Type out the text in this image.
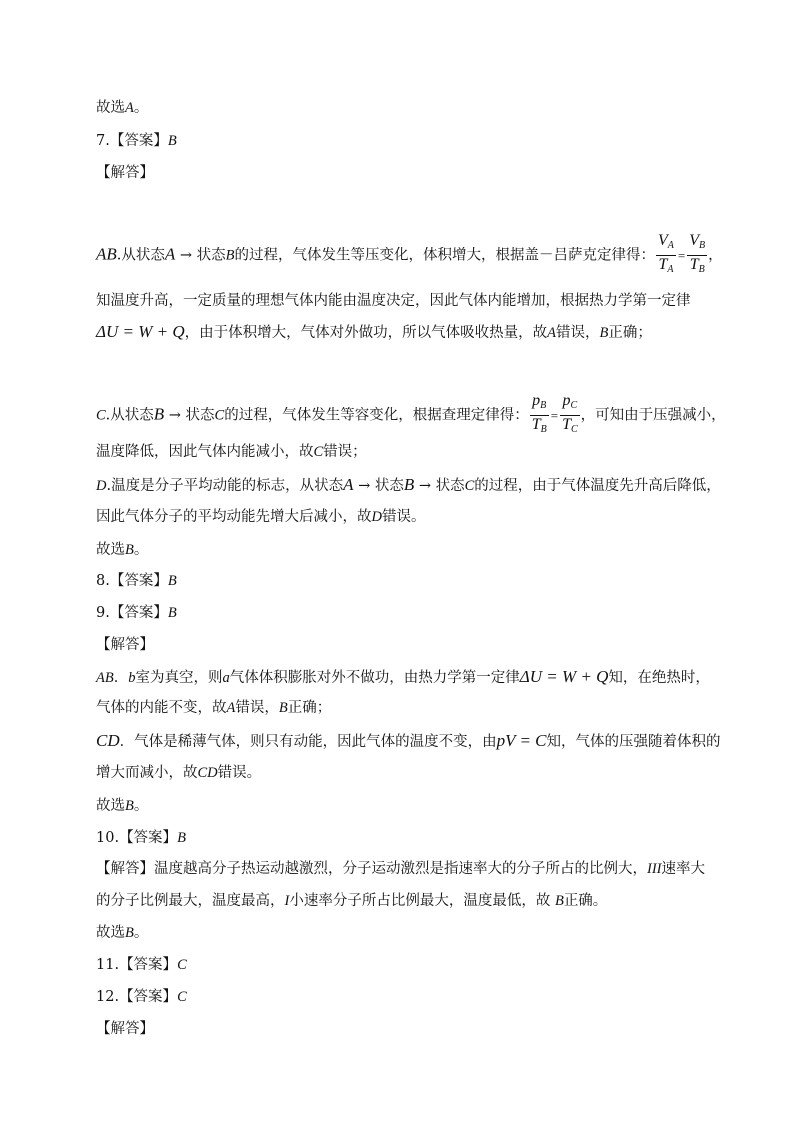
故选A。
7.【答案】B
【解答】
AB.从状态A → 状态B的过程，气体发生等压变化，体积增大，根据盖－吕萨克定律得： $\frac{V_A}{T_A} = \frac{V_B}{T_B}$ ，
知温度升高，一定质量的理想气体内能由温度决定，因此气体内能增加，根据热力学第一定律
ΔU = W + Q，由于体积增大，气体对外做功，所以气体吸收热量，故A错误，B正确；
C.从状态B → 状态C的过程，气体发生等容变化，根据查理定律得： $\frac{p_B}{T_B} = \frac{p_C}{T_C}$ ，可知由于压强减小，
温度降低，因此气体内能减小，故C错误；
D.温度是分子平均动能的标志，从状态A → 状态B → 状态C的过程，由于气体温度先升高后降低，
因此气体分子的平均动能先增大后减小，故D错误。
故选B。
8.【答案】B
9.【答案】B
【解答】
AB．b室为真空，则a气体体积膨胀对外不做功，由热力学第一定律ΔU = W + Q知，在绝热时，
气体的内能不变，故A错误，B正确；
CD．气体是稀薄气体，则只有动能，因此气体的温度不变，由pV = C知，气体的压强随着体积的
增大而减小，故CD错误。
故选B。
10.【答案】B
【解答】温度越高分子热运动越激烈，分子运动激烈是指速率大的分子所占的比例大，III速率大
的分子比例最大，温度最高，I小速率分子所占比例最大，温度最低，故 B正确。
故选B。
11.【答案】C
12.【答案】C
【解答】
